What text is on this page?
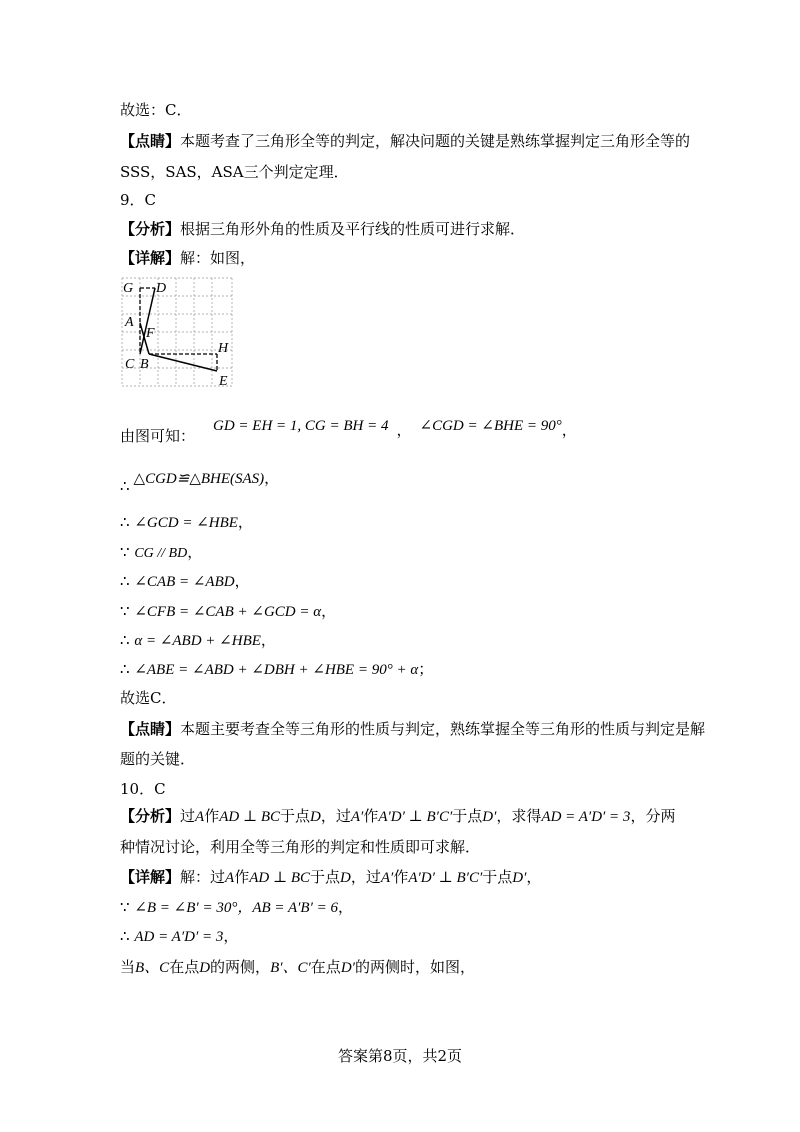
故选：C．
【点睛】本题考查了三角形全等的判定，解决问题的关键是熟练掌握判定三角形全等的
SSS，SAS，ASA三个判定定理．
9．C
【分析】根据三角形外角的性质及平行线的性质可进行求解．
【详解】解：如图，
G D
A
F
H
C B
E
由图可知：GD = EH = 1, CG = BH = 4 ， ∠CGD = ∠BHE = 90°，
∴ △CGD≌△BHE(SAS)，
∴ ∠GCD = ∠HBE，
∵ CG // BD，
∴ ∠CAB = ∠ABD，
∵ ∠CFB = ∠CAB + ∠GCD = α，
∴ α = ∠ABD + ∠HBE，
∴ ∠ABE = ∠ABD + ∠DBH + ∠HBE = 90° + α；
故选C．
【点睛】本题主要考查全等三角形的性质与判定，熟练掌握全等三角形的性质与判定是解
题的关键．
10．C
【分析】过A作AD ⊥ BC于点D，过A′作A′D′ ⊥ B′C′于点D′，求得AD = A′D′ = 3，分两
种情况讨论，利用全等三角形的判定和性质即可求解．
【详解】解：过A作AD ⊥ BC于点D，过A′作A′D′ ⊥ B′C′于点D′，
∵ ∠B = ∠B′ = 30°，AB = A′B′ = 6，
∴ AD = A′D′ = 3，
当B、C在点D的两侧，B′、C′在点D′的两侧时，如图，
答案第8页，共2页
